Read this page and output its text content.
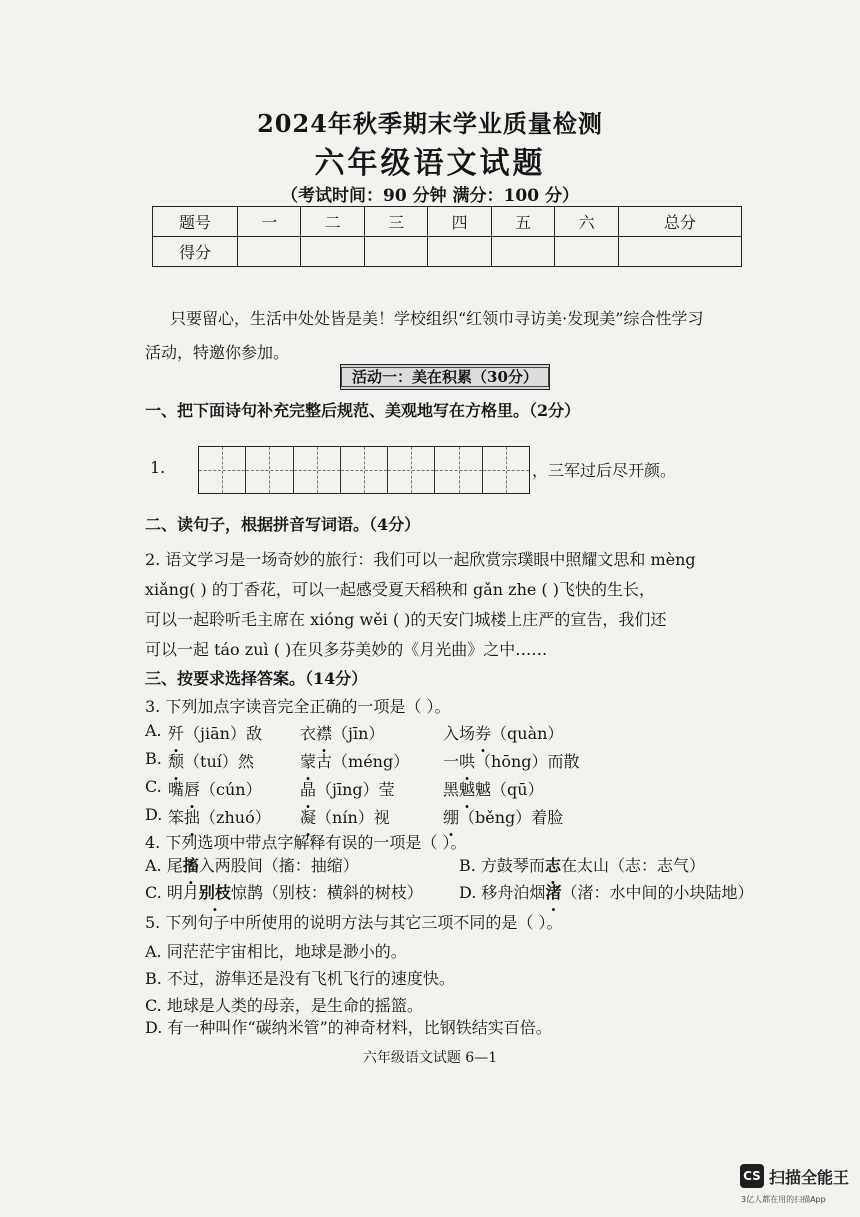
2024年秋季期末学业质量检测
六年级语文试题
（考试时间：90 分钟 满分：100 分）
题号	一	二	三	四	五	六	总分
得分							
只要留心，生活中处处皆是美！学校组织“红领巾寻访美·发现美”综合性学习
活动，特邀你参加。
活动一：美在积累（30分）
一、把下面诗句补充完整后规范、美观地写在方格里。（2分）
1.	，三军过后尽开颜。
二、读句子，根据拼音写词语。（4分）
2. 语文学习是一场奇妙的旅行：我们可以一起欣赏宗璞眼中照耀文思和 mèng
xiǎng( ) 的丁香花，可以一起感受夏天稻秧和 gǎn zhe ( )飞快的生长，
可以一起聆听毛主席在 xióng wěi ( )的天安门城楼上庄严的宣告，我们还
可以一起 táo zuì ( )在贝多芬美妙的《月光曲》之中……
三、按要求选择答案。（14分）
3. 下列加点字读音完全正确的一项是（ ）。
A. 歼（jiān）敌 衣襟（jīn）	入场券（quàn）
B. 颓（tuí）然	蒙古（méng） 一哄（hōng）而散
C. 嘴唇（cún） 晶（jīng）莹	黑魆魆（qū）
D. 笨拙（zhuó） 凝（nín）视	绷（běng）着脸
4. 下列选项中带点字解释有误的一项是（ ）。
A. 尾搐入两股间（搐：抽缩）	B. 方鼓琴而志在太山（志：志气）
C. 明月别枝惊鹊（别枝：横斜的树枝） D. 移舟泊烟渚（渚：水中间的小块陆地）
5. 下列句子中所使用的说明方法与其它三项不同的是（ ）。
A. 同茫茫宇宙相比，地球是渺小的。
B. 不过，游隼还是没有飞机飞行的速度快。
C. 地球是人类的母亲，是生命的摇篮。
D. 有一种叫作“碳纳米管”的神奇材料，比钢铁结实百倍。
六年级语文试题 6—1
CS 扫描全能王
3亿人都在用的扫描App
